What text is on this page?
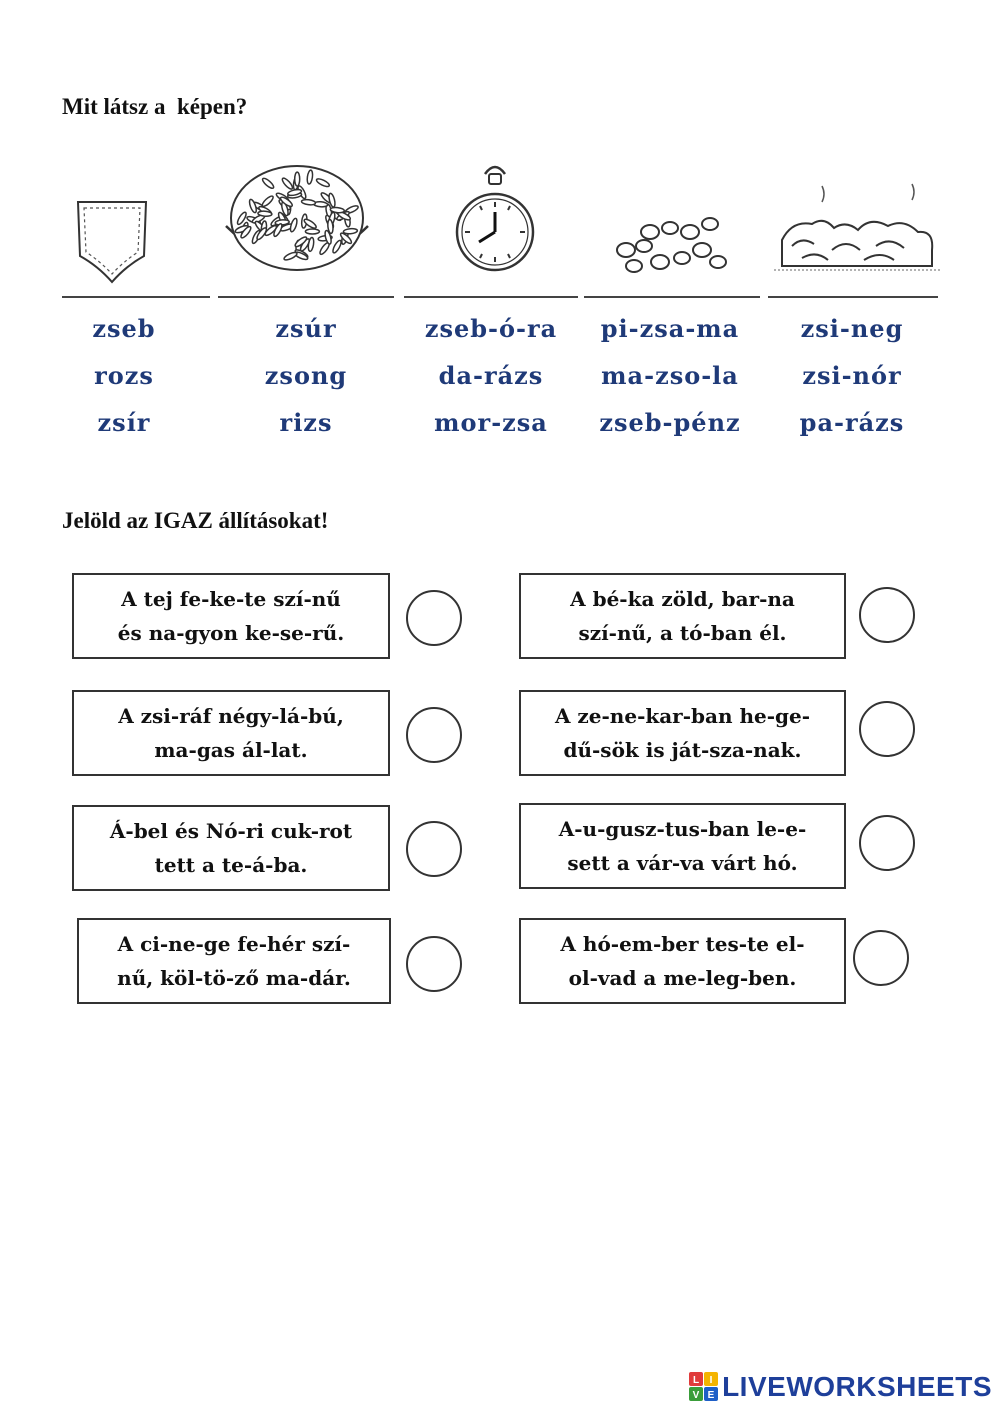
Mit látsz a  képen?
zseb
rozs
zsír
zsúr
zsong
rizs
zseb-ó-ra
da-rázs
mor-zsa
pi-zsa-ma
ma-zso-la
zseb-pénz
zsi-neg
zsi-nór
pa-rázs
Jelöld az IGAZ állításokat!
A tej fe-ke-te szí-nű
és na-gyon ke-se-rű.
A bé-ka zöld, bar-na
szí-nű, a tó-ban él.
A zsi-ráf négy-lá-bú,
ma-gas ál-lat.
A ze-ne-kar-ban he-ge-
dű-sök is ját-sza-nak.
Á-bel és Nó-ri cuk-rot
tett a te-á-ba.
A-u-gusz-tus-ban le-e-
sett a vár-va várt hó.
A ci-ne-ge fe-hér szí-
nű, köl-tö-ző ma-dár.
A hó-em-ber tes-te el-
ol-vad a me-leg-ben.
L I
V E LIVEWORKSHEETS
